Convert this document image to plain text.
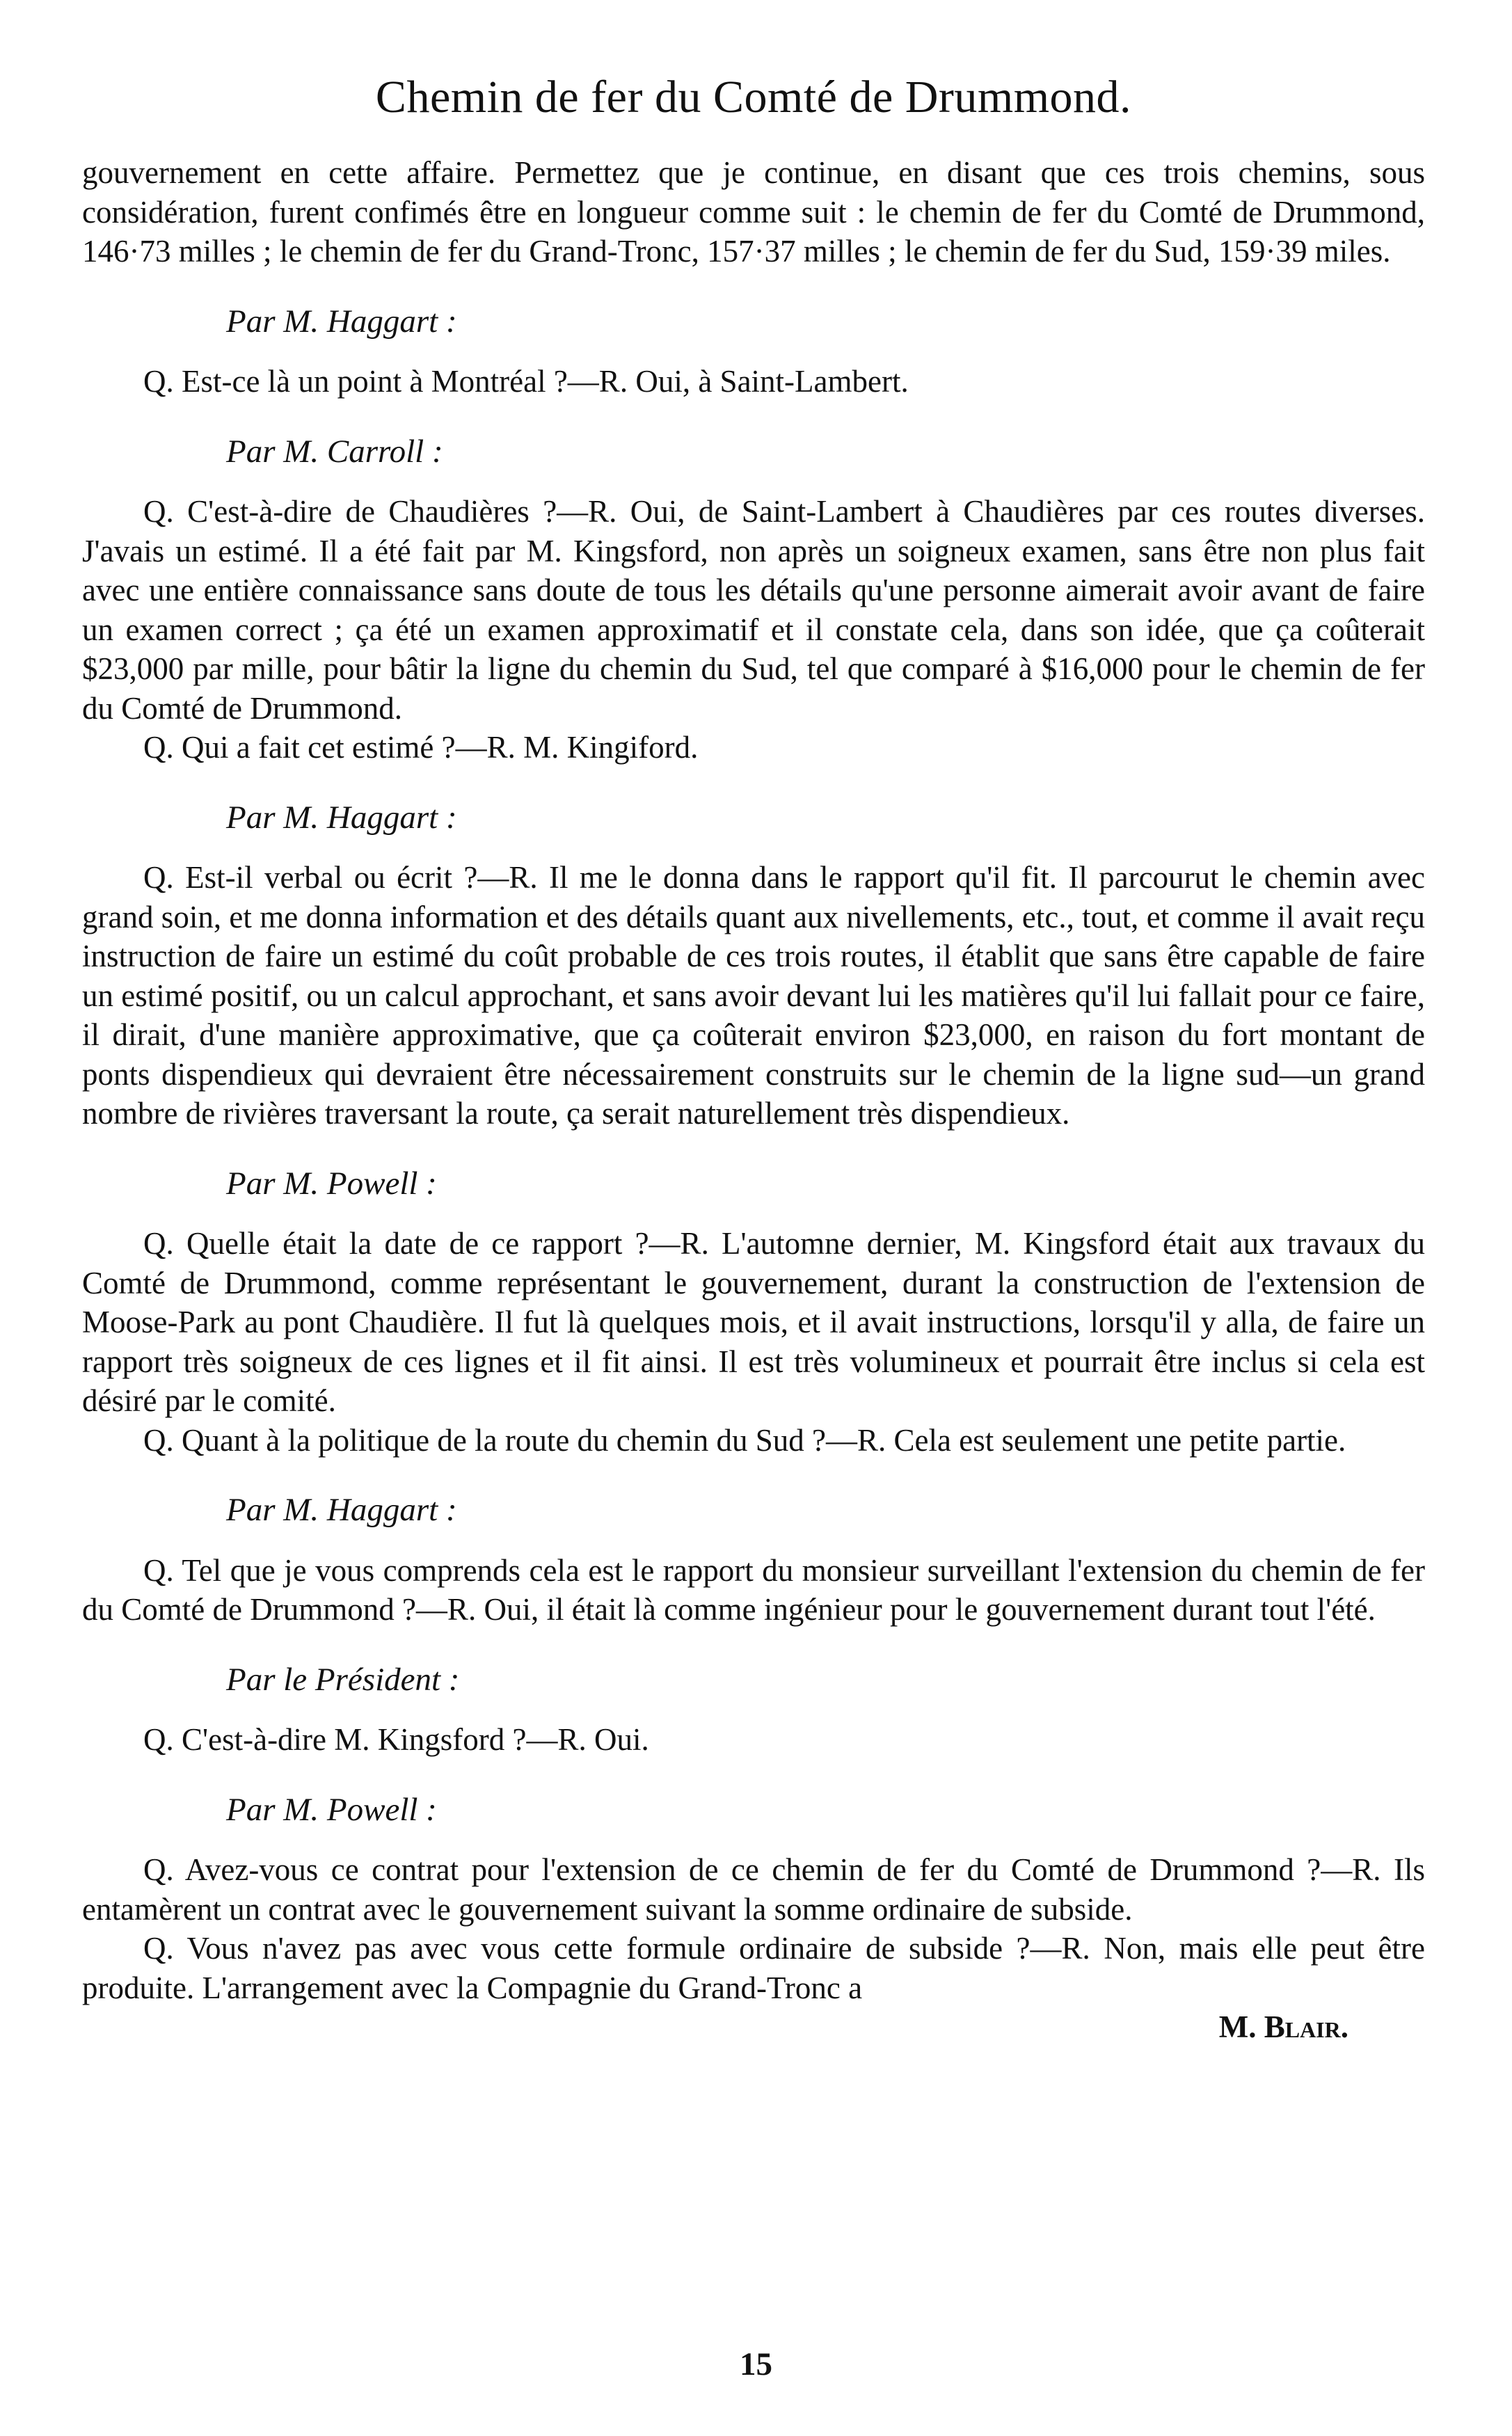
Chemin de fer du Comté de Drummond.

gouvernement en cette affaire. Permettez que je continue, en disant que ces trois chemins, sous considération, furent confimés être en longueur comme suit : le chemin de fer du Comté de Drummond, 146·73 milles ; le chemin de fer du Grand-Tronc, 157·37 milles ; le chemin de fer du Sud, 159·39 miles.

Par M. Haggart :

Q. Est-ce là un point à Montréal ?—R. Oui, à Saint-Lambert.

Par M. Carroll :

Q. C'est-à-dire de Chaudières ?—R. Oui, de Saint-Lambert à Chaudières par ces routes diverses. J'avais un estimé. Il a été fait par M. Kingsford, non après un soigneux examen, sans être non plus fait avec une entière connaissance sans doute de tous les détails qu'une personne aimerait avoir avant de faire un examen correct ; ça été un examen approximatif et il constate cela, dans son idée, que ça coûterait $23,000 par mille, pour bâtir la ligne du chemin du Sud, tel que comparé à $16,000 pour le chemin de fer du Comté de Drummond.

Q. Qui a fait cet estimé ?—R. M. Kingiford.

Par M. Haggart :

Q. Est-il verbal ou écrit ?—R. Il me le donna dans le rapport qu'il fit. Il parcourut le chemin avec grand soin, et me donna information et des détails quant aux nivellements, etc., tout, et comme il avait reçu instruction de faire un estimé du coût probable de ces trois routes, il établit que sans être capable de faire un estimé positif, ou un calcul approchant, et sans avoir devant lui les matières qu'il lui fallait pour ce faire, il dirait, d'une manière approximative, que ça coûterait environ $23,000, en raison du fort montant de ponts dispendieux qui devraient être nécessairement construits sur le chemin de la ligne sud—un grand nombre de rivières traversant la route, ça serait naturellement très dispendieux.

Par M. Powell :

Q. Quelle était la date de ce rapport ?—R. L'automne dernier, M. Kingsford était aux travaux du Comté de Drummond, comme représentant le gouvernement, durant la construction de l'extension de Moose-Park au pont Chaudière. Il fut là quelques mois, et il avait instructions, lorsqu'il y alla, de faire un rapport très soigneux de ces lignes et il fit ainsi. Il est très volumineux et pourrait être inclus si cela est désiré par le comité.

Q. Quant à la politique de la route du chemin du Sud ?—R. Cela est seulement une petite partie.

Par M. Haggart :

Q. Tel que je vous comprends cela est le rapport du monsieur surveillant l'extension du chemin de fer du Comté de Drummond ?—R. Oui, il était là comme ingénieur pour le gouvernement durant tout l'été.

Par le Président :

Q. C'est-à-dire M. Kingsford ?—R. Oui.

Par M. Powell :

Q. Avez-vous ce contrat pour l'extension de ce chemin de fer du Comté de Drummond ?—R. Ils entamèrent un contrat avec le gouvernement suivant la somme ordinaire de subside.

Q. Vous n'avez pas avec vous cette formule ordinaire de subside ?—R. Non, mais elle peut être produite. L'arrangement avec la Compagnie du Grand-Tronc a

M. Blair.
15
